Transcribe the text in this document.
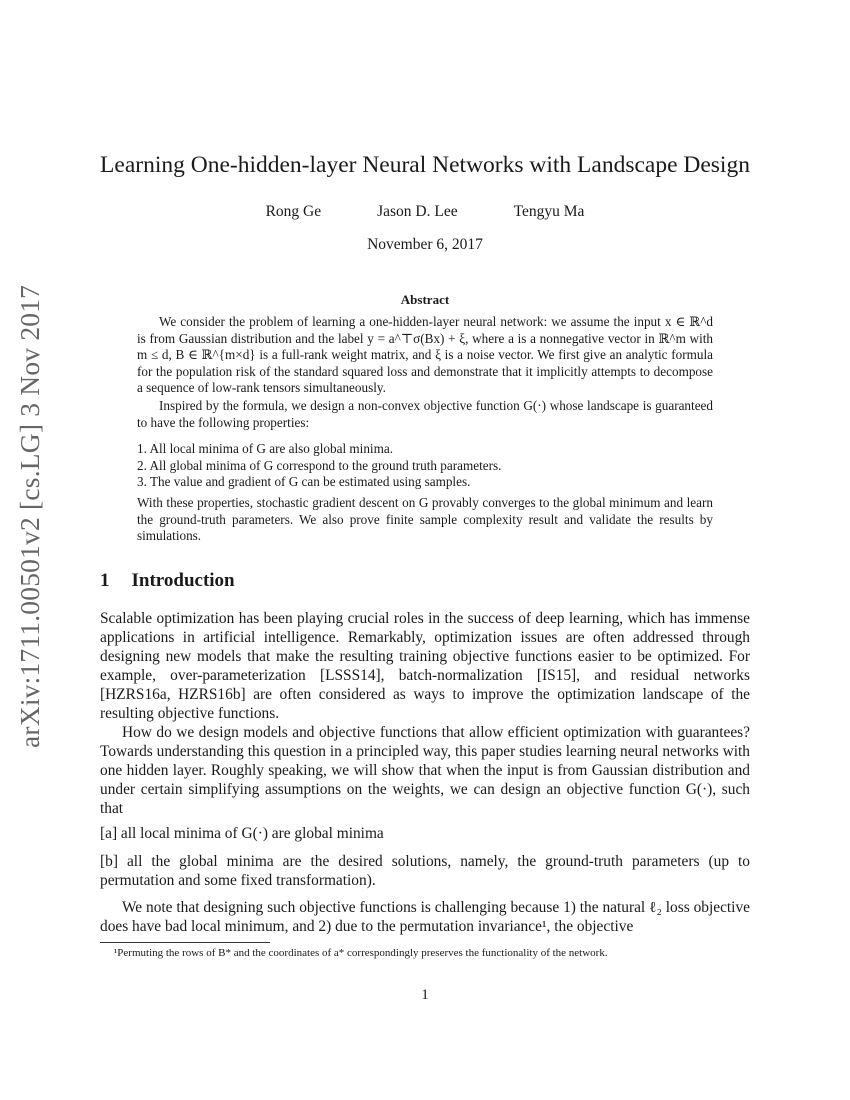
arXiv:1711.00501v2 [cs.LG] 3 Nov 2017
Learning One-hidden-layer Neural Networks with Landscape Design
Rong Ge	Jason D. Lee	Tengyu Ma
November 6, 2017
Abstract
We consider the problem of learning a one-hidden-layer neural network: we assume the input x ∈ ℝ^d is from Gaussian distribution and the label y = a^⊤σ(Bx) + ξ, where a is a nonnegative vector in ℝ^m with m ≤ d, B ∈ ℝ^{m×d} is a full-rank weight matrix, and ξ is a noise vector. We first give an analytic formula for the population risk of the standard squared loss and demonstrate that it implicitly attempts to decompose a sequence of low-rank tensors simultaneously.
Inspired by the formula, we design a non-convex objective function G(·) whose landscape is guaranteed to have the following properties:
1. All local minima of G are also global minima.
2. All global minima of G correspond to the ground truth parameters.
3. The value and gradient of G can be estimated using samples.
With these properties, stochastic gradient descent on G provably converges to the global minimum and learn the ground-truth parameters. We also prove finite sample complexity result and validate the results by simulations.
1 Introduction
Scalable optimization has been playing crucial roles in the success of deep learning, which has immense applications in artificial intelligence. Remarkably, optimization issues are often addressed through designing new models that make the resulting training objective functions easier to be optimized. For example, over-parameterization [LSSS14], batch-normalization [IS15], and residual networks [HZRS16a, HZRS16b] are often considered as ways to improve the optimization landscape of the resulting objective functions.
How do we design models and objective functions that allow efficient optimization with guarantees? Towards understanding this question in a principled way, this paper studies learning neural networks with one hidden layer. Roughly speaking, we will show that when the input is from Gaussian distribution and under certain simplifying assumptions on the weights, we can design an objective function G(·), such that
[a] all local minima of G(·) are global minima
[b] all the global minima are the desired solutions, namely, the ground-truth parameters (up to permutation and some fixed transformation).
We note that designing such objective functions is challenging because 1) the natural ℓ₂ loss objective does have bad local minimum, and 2) due to the permutation invariance¹, the objective
¹Permuting the rows of B* and the coordinates of a* correspondingly preserves the functionality of the network.
1
